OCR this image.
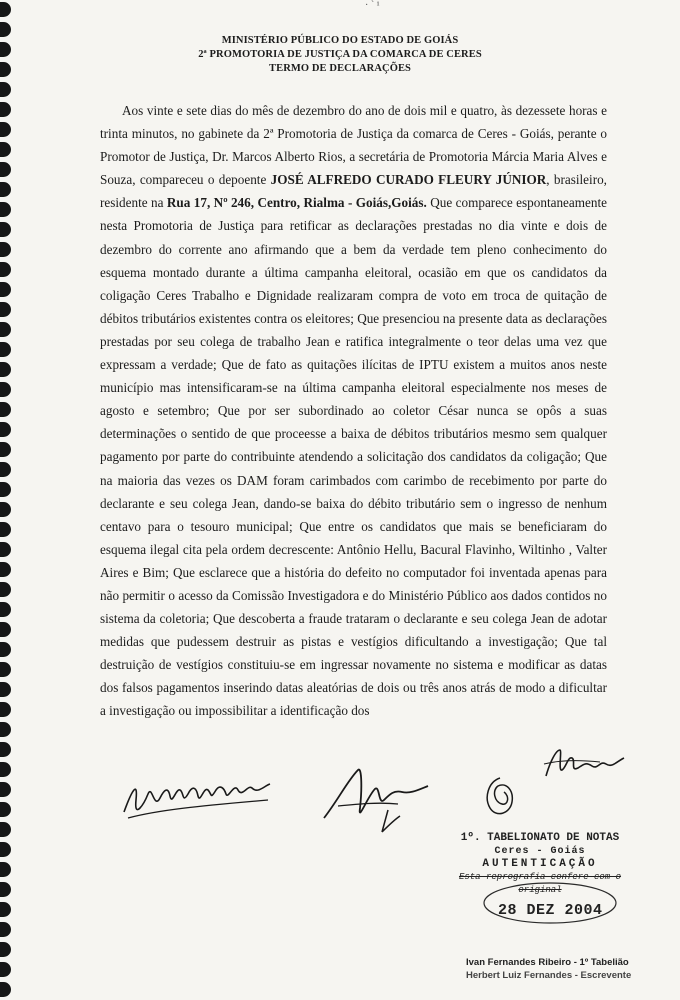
· ˋ ¹
MINISTÉRIO PÚBLICO DO ESTADO DE GOIÁS
2ª PROMOTORIA DE JUSTIÇA DA COMARCA DE CERES
TERMO DE DECLARAÇÕES

Aos vinte e sete dias do mês de dezembro do ano de dois mil e quatro, às dezessete horas e trinta minutos, no gabinete da 2ª Promotoria de Justiça da comarca de Ceres - Goiás, perante o Promotor de Justiça, Dr. Marcos Alberto Rios, a secretária de Promotoria Márcia Maria Alves e Souza, compareceu o depoente JOSÉ ALFREDO CURADO FLEURY JÚNIOR, brasileiro, residente na Rua 17, Nº 246, Centro, Rialma - Goiás,Goiás. Que comparece espontaneamente nesta Promotoria de Justiça para retificar as declarações prestadas no dia vinte e dois de dezembro do corrente ano afirmando que a bem da verdade tem pleno conhecimento do esquema montado durante a última campanha eleitoral, ocasião em que os candidatos da coligação Ceres Trabalho e Dignidade realizaram compra de voto em troca de quitação de débitos tributários existentes contra os eleitores; Que presenciou na presente data as declarações prestadas por seu colega de trabalho Jean e ratifica integralmente o teor delas uma vez que expressam a verdade; Que de fato as quitações ilícitas de IPTU existem a muitos anos neste município mas intensificaram-se na última campanha eleitoral especialmente nos meses de agosto e setembro; Que por ser subordinado ao coletor César nunca se opôs a suas determinações o sentido de que proceesse a baixa de débitos tributários mesmo sem qualquer pagamento por parte do contribuinte atendendo a solicitação dos candidatos da coligação; Que na maioria das vezes os DAM foram carimbados com carimbo de recebimento por parte do declarante e seu colega Jean, dando-se baixa do débito tributário sem o ingresso de nenhum centavo para o tesouro municipal; Que entre os candidatos que mais se beneficiaram do esquema ilegal cita pela ordem decrescente: Antônio Hellu, Bacural Flavinho, Wiltinho , Valter Aires e Bim; Que esclarece que a história do defeito no computador foi inventada apenas para não permitir o acesso da Comissão Investigadora e do Ministério Público aos dados contidos no sistema da coletoria; Que descoberta a fraude trataram o declarante e seu colega Jean de adotar medidas que pudessem destruir as pistas e vestígios dificultando a investigação; Que tal destruição de vestígios constituiu-se em ingressar novamente no sistema e modificar as datas dos falsos pagamentos inserindo datas aleatórias de dois ou três anos atrás de modo a dificultar a investigação ou impossibilitar a identificação dos

1º. TABELIONATO DE NOTAS
Ceres - Goiás
AUTENTICAÇÃO
Esta reprografia confere com o original
28 DEZ 2004
Ivan Fernandes Ribeiro - 1º Tabelião
Herbert Luiz Fernandes - Escrevente
